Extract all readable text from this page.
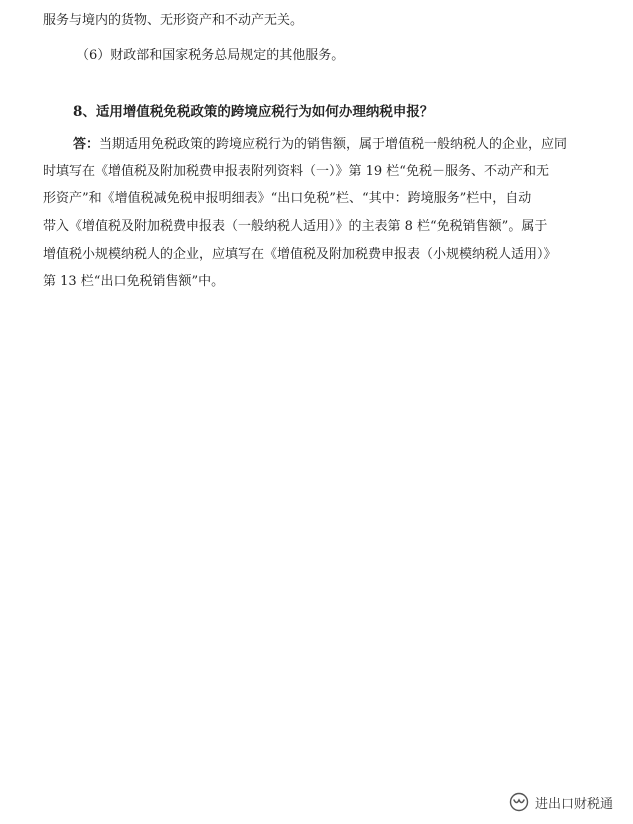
服务与境内的货物、无形资产和不动产无关。
（6）财政部和国家税务总局规定的其他服务。
8、适用增值税免税政策的跨境应税行为如何办理纳税申报？
答：当期适用免税政策的跨境应税行为的销售额，属于增值税一般纳税人的企业，应同
时填写在《增值税及附加税费申报表附列资料（一）》第 19 栏“免税－服务、不动产和无
形资产”和《增值税减免税申报明细表》“出口免税”栏、“其中：跨境服务”栏中，自动
带入《增值税及附加税费申报表（一般纳税人适用）》的主表第 8 栏“免税销售额”。属于
增值税小规模纳税人的企业，应填写在《增值税及附加税费申报表（小规模纳税人适用）》
第 13 栏“出口免税销售额”中。
进出口财税通
